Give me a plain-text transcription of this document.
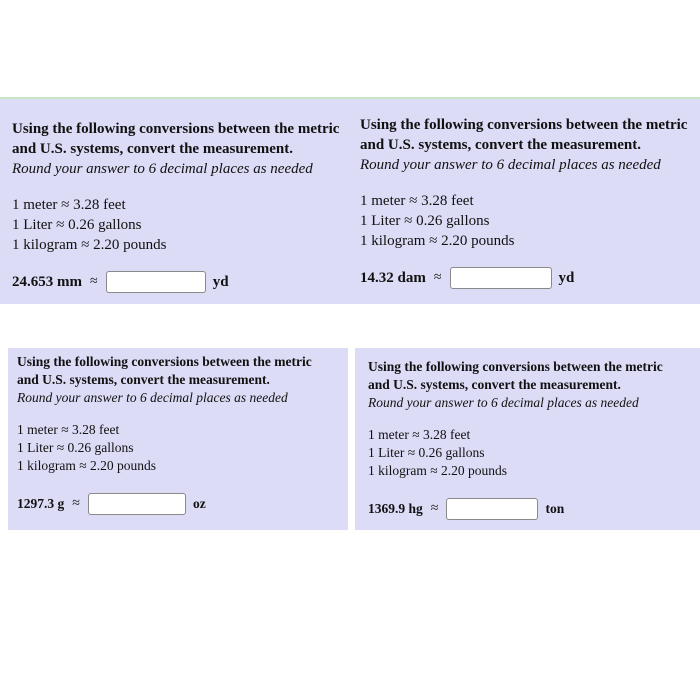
Using the following conversions between the metric
and U.S. systems, convert the measurement.
Round your answer to 6 decimal places as needed
1 meter ≈ 3.28 feet
1 Liter ≈ 0.26 gallons
1 kilogram ≈ 2.20 pounds
24.653 mm ≈	yd
Using the following conversions between the metric
and U.S. systems, convert the measurement.
Round your answer to 6 decimal places as needed
1 meter ≈ 3.28 feet
1 Liter ≈ 0.26 gallons
1 kilogram ≈ 2.20 pounds
14.32 dam ≈	yd
Using the following conversions between the metric
and U.S. systems, convert the measurement.
Round your answer to 6 decimal places as needed
1 meter ≈ 3.28 feet
1 Liter ≈ 0.26 gallons
1 kilogram ≈ 2.20 pounds
1297.3 g ≈	oz
Using the following conversions between the metric
and U.S. systems, convert the measurement.
Round your answer to 6 decimal places as needed
1 meter ≈ 3.28 feet
1 Liter ≈ 0.26 gallons
1 kilogram ≈ 2.20 pounds
1369.9 hg ≈	ton
